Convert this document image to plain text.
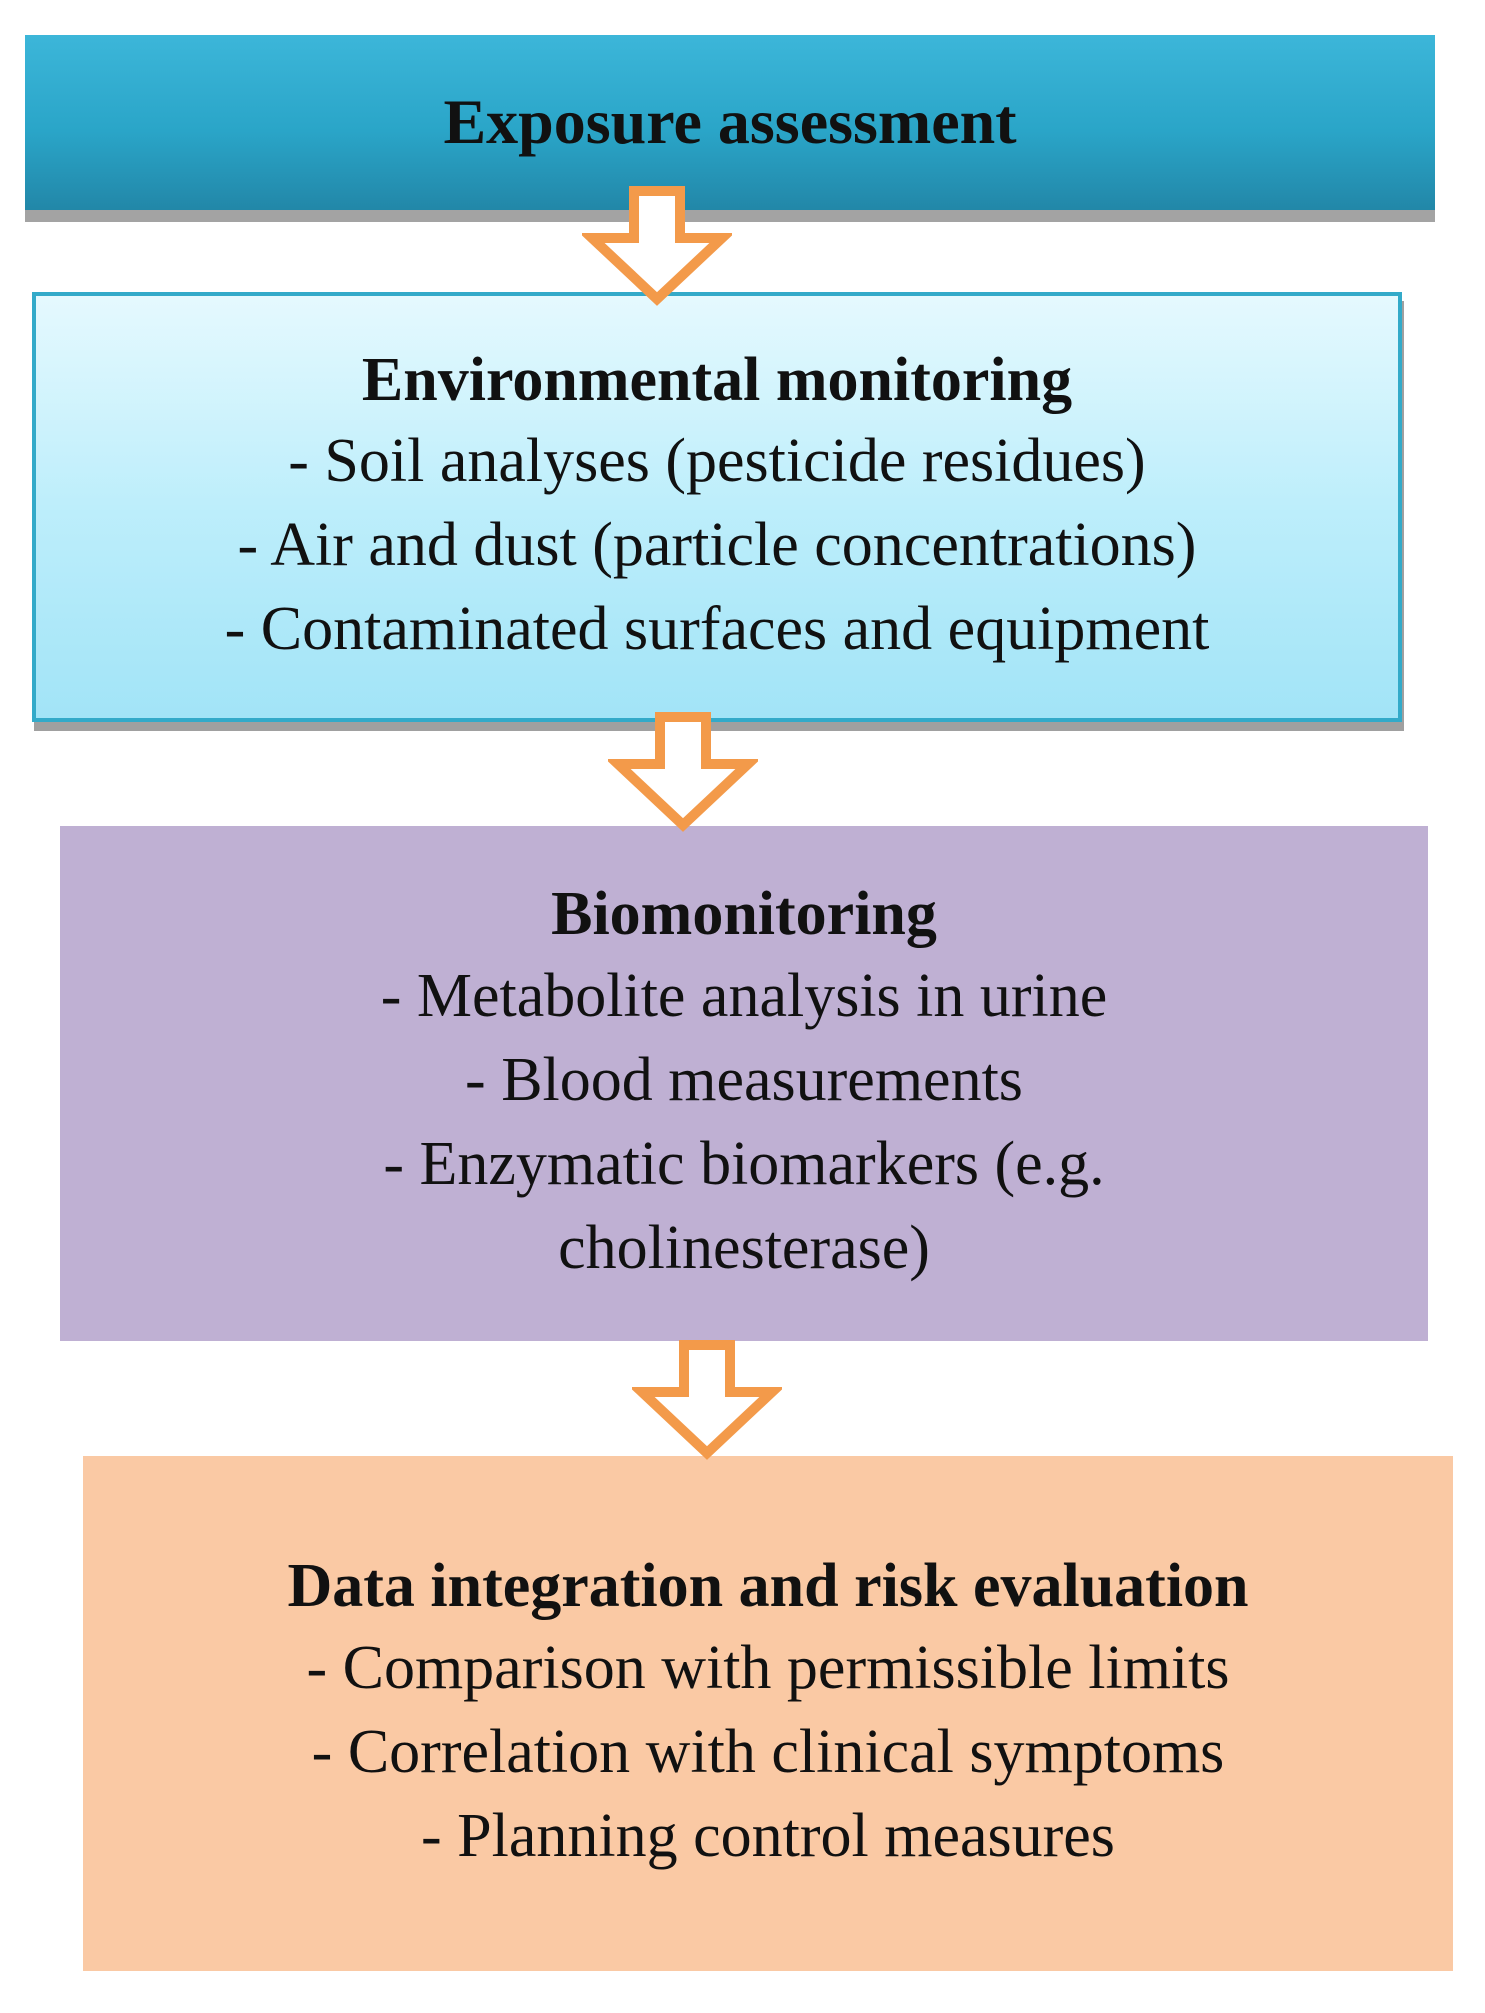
Exposure assessment
Environmental monitoring
- Soil analyses (pesticide residues)
- Air and dust (particle concentrations)
- Contaminated surfaces and equipment
Biomonitoring
- Metabolite analysis in urine
- Blood measurements
- Enzymatic biomarkers (e.g.
cholinesterase)
Data integration and risk evaluation
- Comparison with permissible limits
- Correlation with clinical symptoms
- Planning control measures
